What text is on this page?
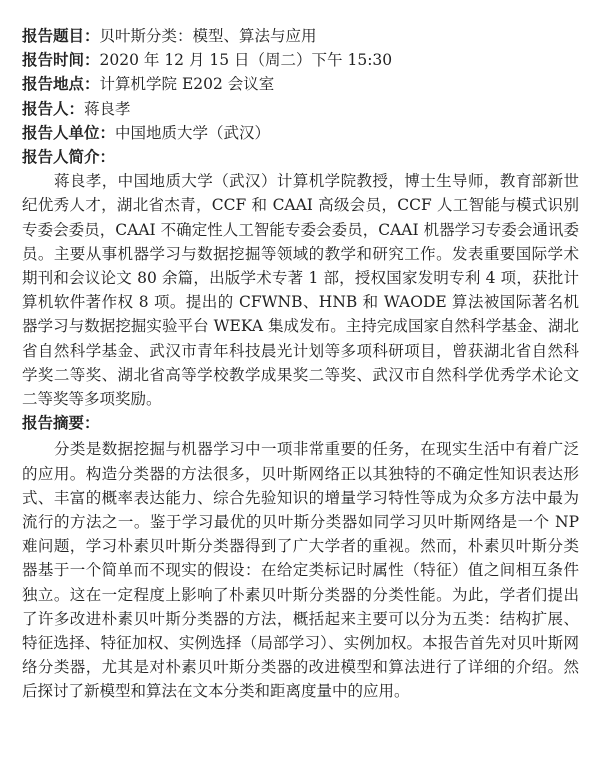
报告题目：贝叶斯分类：模型、算法与应用
报告时间：2020 年 12 月 15 日（周二）下午 15:30
报告地点：计算机学院 E202 会议室
报告人：蒋良孝
报告人单位：中国地质大学（武汉）
报告人简介：

蒋良孝，中国地质大学（武汉）计算机学院教授，博士生导师，教育部新世纪优秀人才，湖北省杰青，CCF 和 CAAI 高级会员，CCF 人工智能与模式识别专委会委员，CAAI 不确定性人工智能专委会委员，CAAI 机器学习专委会通讯委员。主要从事机器学习与数据挖掘等领域的教学和研究工作。发表重要国际学术期刊和会议论文 80 余篇，出版学术专著 1 部，授权国家发明专利 4 项，获批计算机软件著作权 8 项。提出的 CFWNB、HNB 和 WAODE 算法被国际著名机器学习与数据挖掘实验平台 WEKA 集成发布。主持完成国家自然科学基金、湖北省自然科学基金、武汉市青年科技晨光计划等多项科研项目，曾获湖北省自然科学奖二等奖、湖北省高等学校教学成果奖二等奖、武汉市自然科学优秀学术论文二等奖等多项奖励。

报告摘要：

分类是数据挖掘与机器学习中一项非常重要的任务，在现实生活中有着广泛的应用。构造分类器的方法很多，贝叶斯网络正以其独特的不确定性知识表达形式、丰富的概率表达能力、综合先验知识的增量学习特性等成为众多方法中最为流行的方法之一。鉴于学习最优的贝叶斯分类器如同学习贝叶斯网络是一个 NP 难问题，学习朴素贝叶斯分类器得到了广大学者的重视。然而，朴素贝叶斯分类器基于一个简单而不现实的假设：在给定类标记时属性（特征）值之间相互条件独立。这在一定程度上影响了朴素贝叶斯分类器的分类性能。为此，学者们提出了许多改进朴素贝叶斯分类器的方法，概括起来主要可以分为五类：结构扩展、特征选择、特征加权、实例选择（局部学习）、实例加权。本报告首先对贝叶斯网络分类器，尤其是对朴素贝叶斯分类器的改进模型和算法进行了详细的介绍。然后探讨了新模型和算法在文本分类和距离度量中的应用。
